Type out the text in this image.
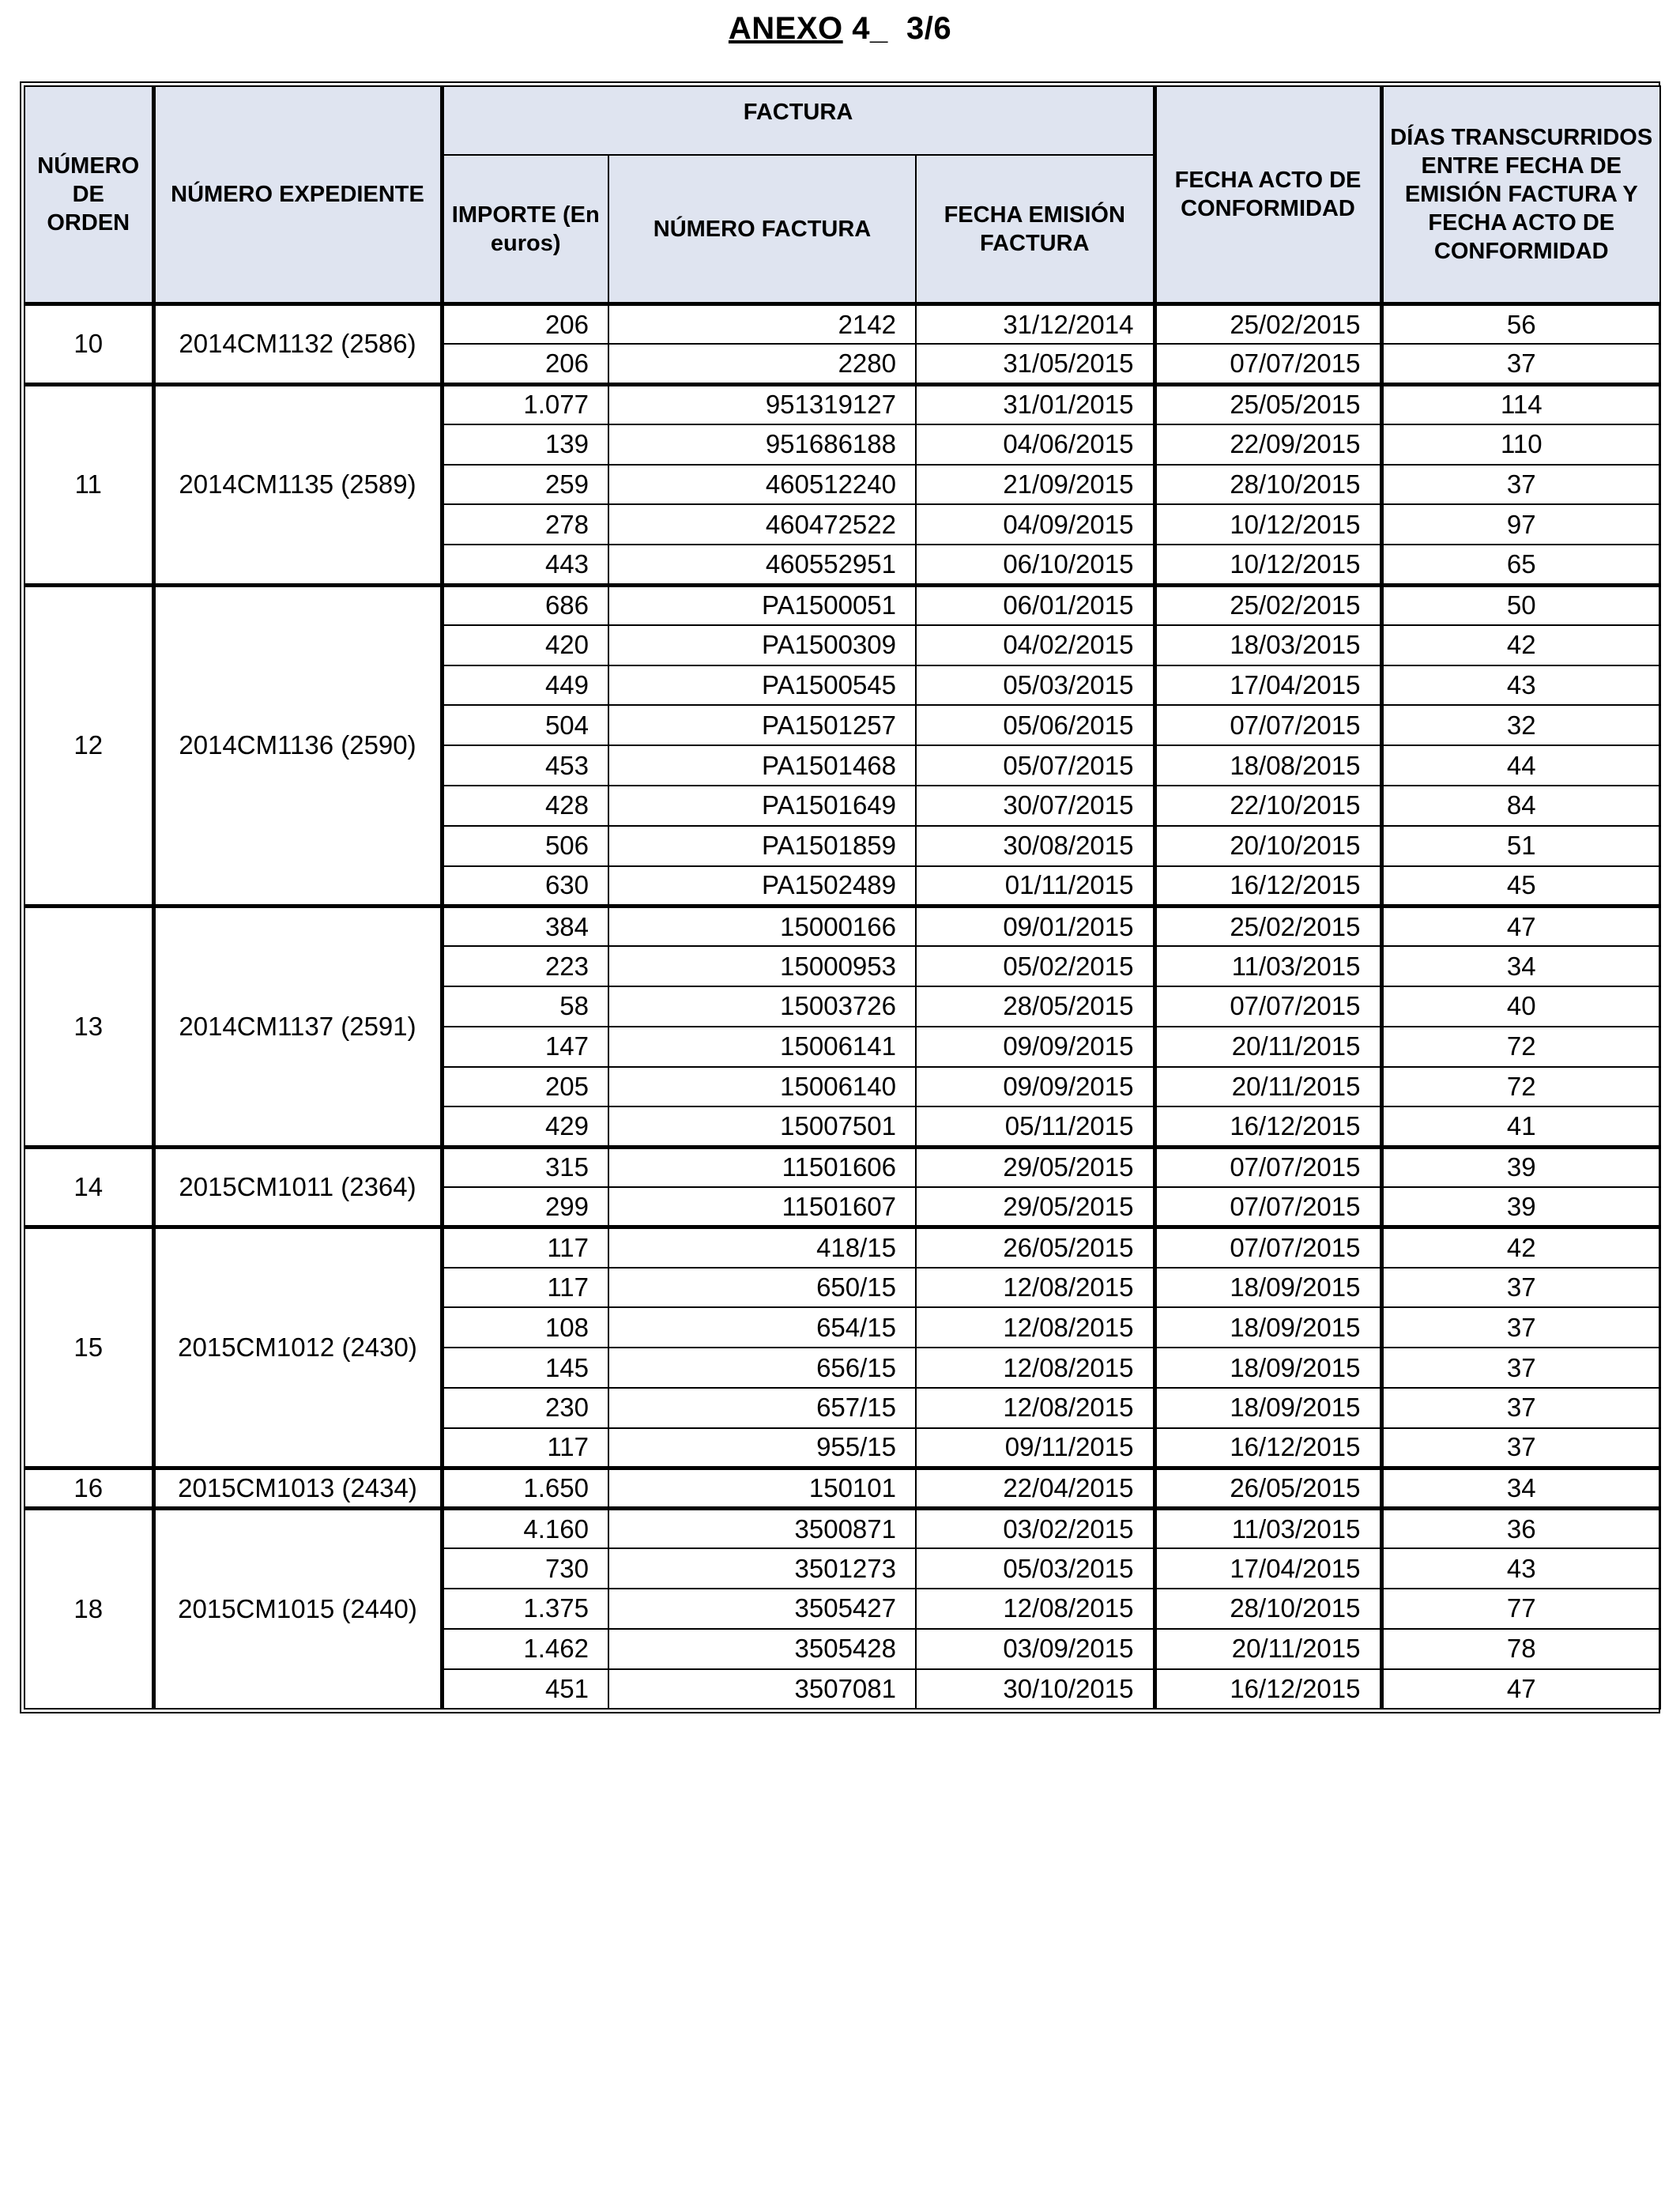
ANEXO 4_  3/6
NÚMERO DE ORDEN	NÚMERO EXPEDIENTE	FACTURA			FECHA ACTO DE CONFORMIDAD	DÍAS TRANSCURRIDOS ENTRE FECHA DE EMISIÓN FACTURA Y FECHA ACTO DE CONFORMIDAD
		IMPORTE (En euros)	NÚMERO FACTURA	FECHA EMISIÓN FACTURA		
10	2014CM1132 (2586)	206	2142	31/12/2014	25/02/2015	56
		206	2280	31/05/2015	07/07/2015	37
11	2014CM1135 (2589)	1.077	951319127	31/01/2015	25/05/2015	114
		139	951686188	04/06/2015	22/09/2015	110
		259	460512240	21/09/2015	28/10/2015	37
		278	460472522	04/09/2015	10/12/2015	97
		443	460552951	06/10/2015	10/12/2015	65
12	2014CM1136 (2590)	686	PA1500051	06/01/2015	25/02/2015	50
		420	PA1500309	04/02/2015	18/03/2015	42
		449	PA1500545	05/03/2015	17/04/2015	43
		504	PA1501257	05/06/2015	07/07/2015	32
		453	PA1501468	05/07/2015	18/08/2015	44
		428	PA1501649	30/07/2015	22/10/2015	84
		506	PA1501859	30/08/2015	20/10/2015	51
		630	PA1502489	01/11/2015	16/12/2015	45
13	2014CM1137 (2591)	384	15000166	09/01/2015	25/02/2015	47
		223	15000953	05/02/2015	11/03/2015	34
		58	15003726	28/05/2015	07/07/2015	40
		147	15006141	09/09/2015	20/11/2015	72
		205	15006140	09/09/2015	20/11/2015	72
		429	15007501	05/11/2015	16/12/2015	41
14	2015CM1011 (2364)	315	11501606	29/05/2015	07/07/2015	39
		299	11501607	29/05/2015	07/07/2015	39
15	2015CM1012 (2430)	117	418/15	26/05/2015	07/07/2015	42
		117	650/15	12/08/2015	18/09/2015	37
		108	654/15	12/08/2015	18/09/2015	37
		145	656/15	12/08/2015	18/09/2015	37
		230	657/15	12/08/2015	18/09/2015	37
		117	955/15	09/11/2015	16/12/2015	37
16	2015CM1013 (2434)	1.650	150101	22/04/2015	26/05/2015	34
18	2015CM1015 (2440)	4.160	3500871	03/02/2015	11/03/2015	36
		730	3501273	05/03/2015	17/04/2015	43
		1.375	3505427	12/08/2015	28/10/2015	77
		1.462	3505428	03/09/2015	20/11/2015	78
		451	3507081	30/10/2015	16/12/2015	47
